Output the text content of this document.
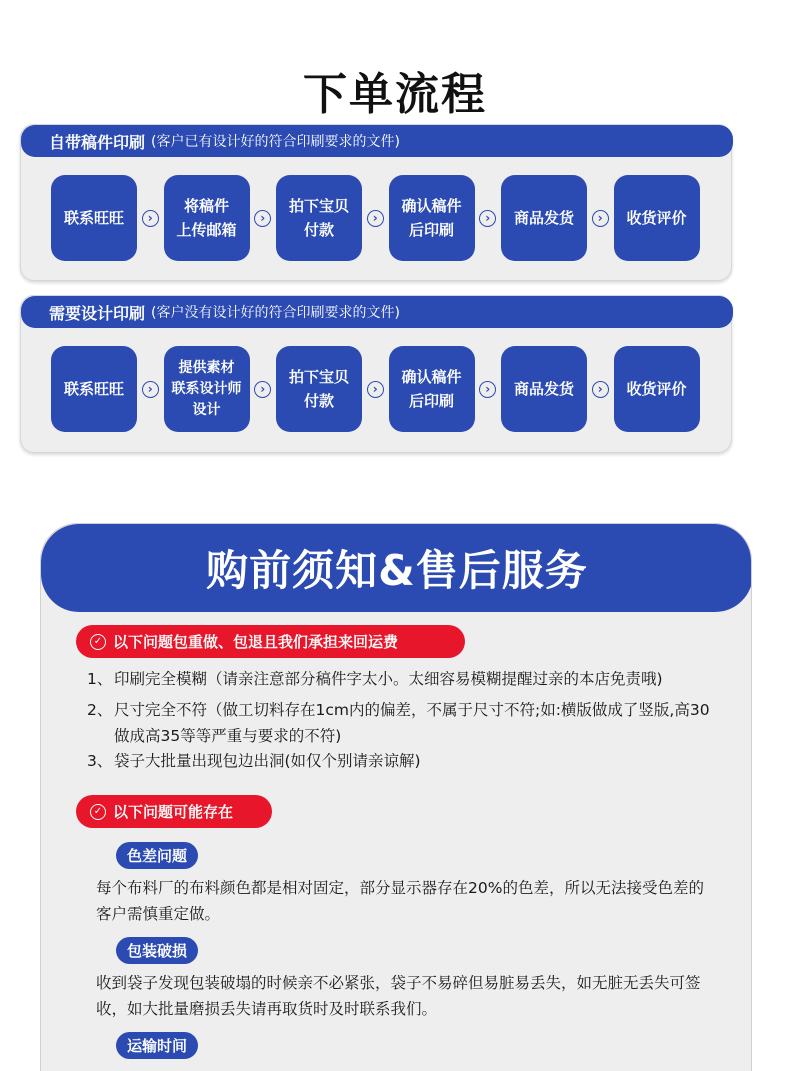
下单流程
自带稿件印刷 (客户已有设计好的符合印刷要求的文件)
联系旺旺	›
将稿件
上传邮箱
›
拍下宝贝
付款
›
确认稿件
后印刷
›	商品发货	›	收货评价
需要设计印刷 (客户没有设计好的符合印刷要求的文件)
联系旺旺	›
提供素材
联系设计师
设计
›
拍下宝贝
付款
›
确认稿件
后印刷
›	商品发货	›	收货评价
购前须知&售后服务
✓ 以下问题包重做、包退且我们承担来回运费
1、 印刷完全模糊（请亲注意部分稿件字太小。太细容易模糊提醒过亲的本店免责哦)
2、 尺寸完全不符（做工切料存在1cm内的偏差，不属于尺寸不符;如:横版做成了竖版,高30做成高35等等严重与要求的不符)
3、 袋子大批量出现包边出洞(如仅个别请亲谅解)
✓ 以下问题可能存在
色差问题
每个布料厂的布料颜色都是相对固定，部分显示器存在20%的色差，所以无法接受色差的客户需慎重定做。
包装破损
收到袋子发现包装破塌的时候亲不必紧张，袋子不易碎但易脏易丢失，如无脏无丢失可签收，如大批量磨损丢失请再取货时及时联系我们。
运输时间
